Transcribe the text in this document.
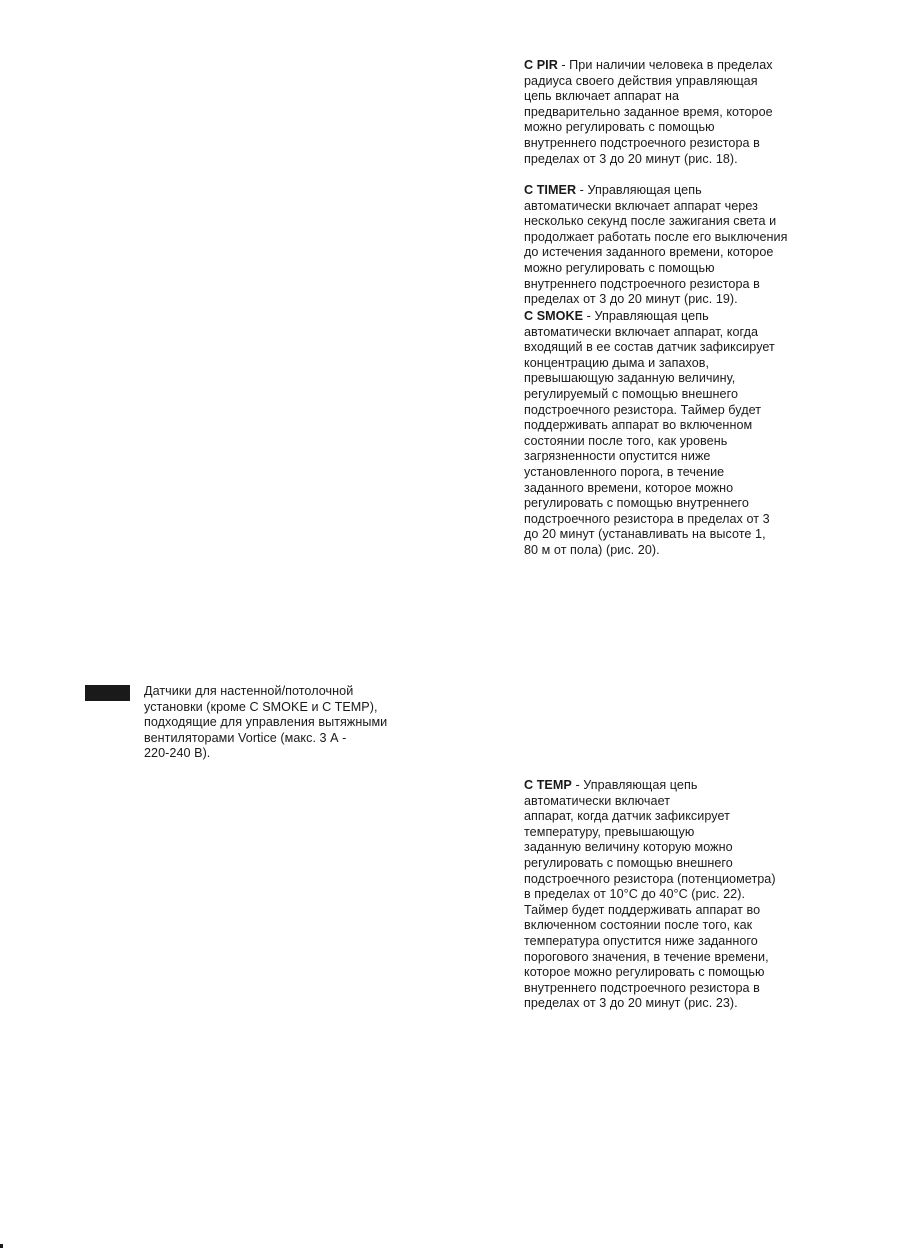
C PIR - При наличии человека в пределах
радиуса своего действия управляющая
цепь включает аппарат на
предварительно заданное время, которое
можно регулировать с помощью
внутреннего подстроечного резистора в
пределах от 3 до 20 минут (рис. 18).

C TIMER - Управляющая цепь
автоматически включает аппарат через
несколько секунд после зажигания света и
продолжает работать после его выключения
до истечения заданного времени, которое
можно регулировать с помощью
внутреннего подстроечного резистора в
пределах от 3 до 20 минут (рис. 19).

C SMOKE - Управляющая цепь
автоматически включает аппарат, когда
входящий в ее состав датчик зафиксирует
концентрацию дыма и запахов,
превышающую заданную величину,
регулируемый с помощью внешнего
подстроечного резистора. Таймер будет
поддерживать аппарат во включенном
состоянии после того, как уровень
загрязненности опустится ниже
установленного порога, в течение
заданного времени, которое можно
регулировать с помощью внутреннего
подстроечного резистора в пределах от 3
до 20 минут (устанавливать на высоте 1,
80 м от пола) (рис. 20).

Датчики для настенной/потолочной
установки (кроме C SMOKE и C TEMP),
подходящие для управления вытяжными
вентиляторами Vortice (макс. 3 А -
220-240 В).

C TEMP - Управляющая цепь
автоматически включает
аппарат, когда датчик зафиксирует
температуру, превышающую
заданную величину которую можно
регулировать с помощью внешнего
подстроечного резистора (потенциометра)
в пределах от 10°C до 40°C (рис. 22).
Таймер будет поддерживать аппарат во
включенном состоянии после того, как
температура опустится ниже заданного
порогового значения, в течение времени,
которое можно регулировать с помощью
внутреннего подстроечного резистора в
пределах от 3 до 20 минут (рис. 23).
